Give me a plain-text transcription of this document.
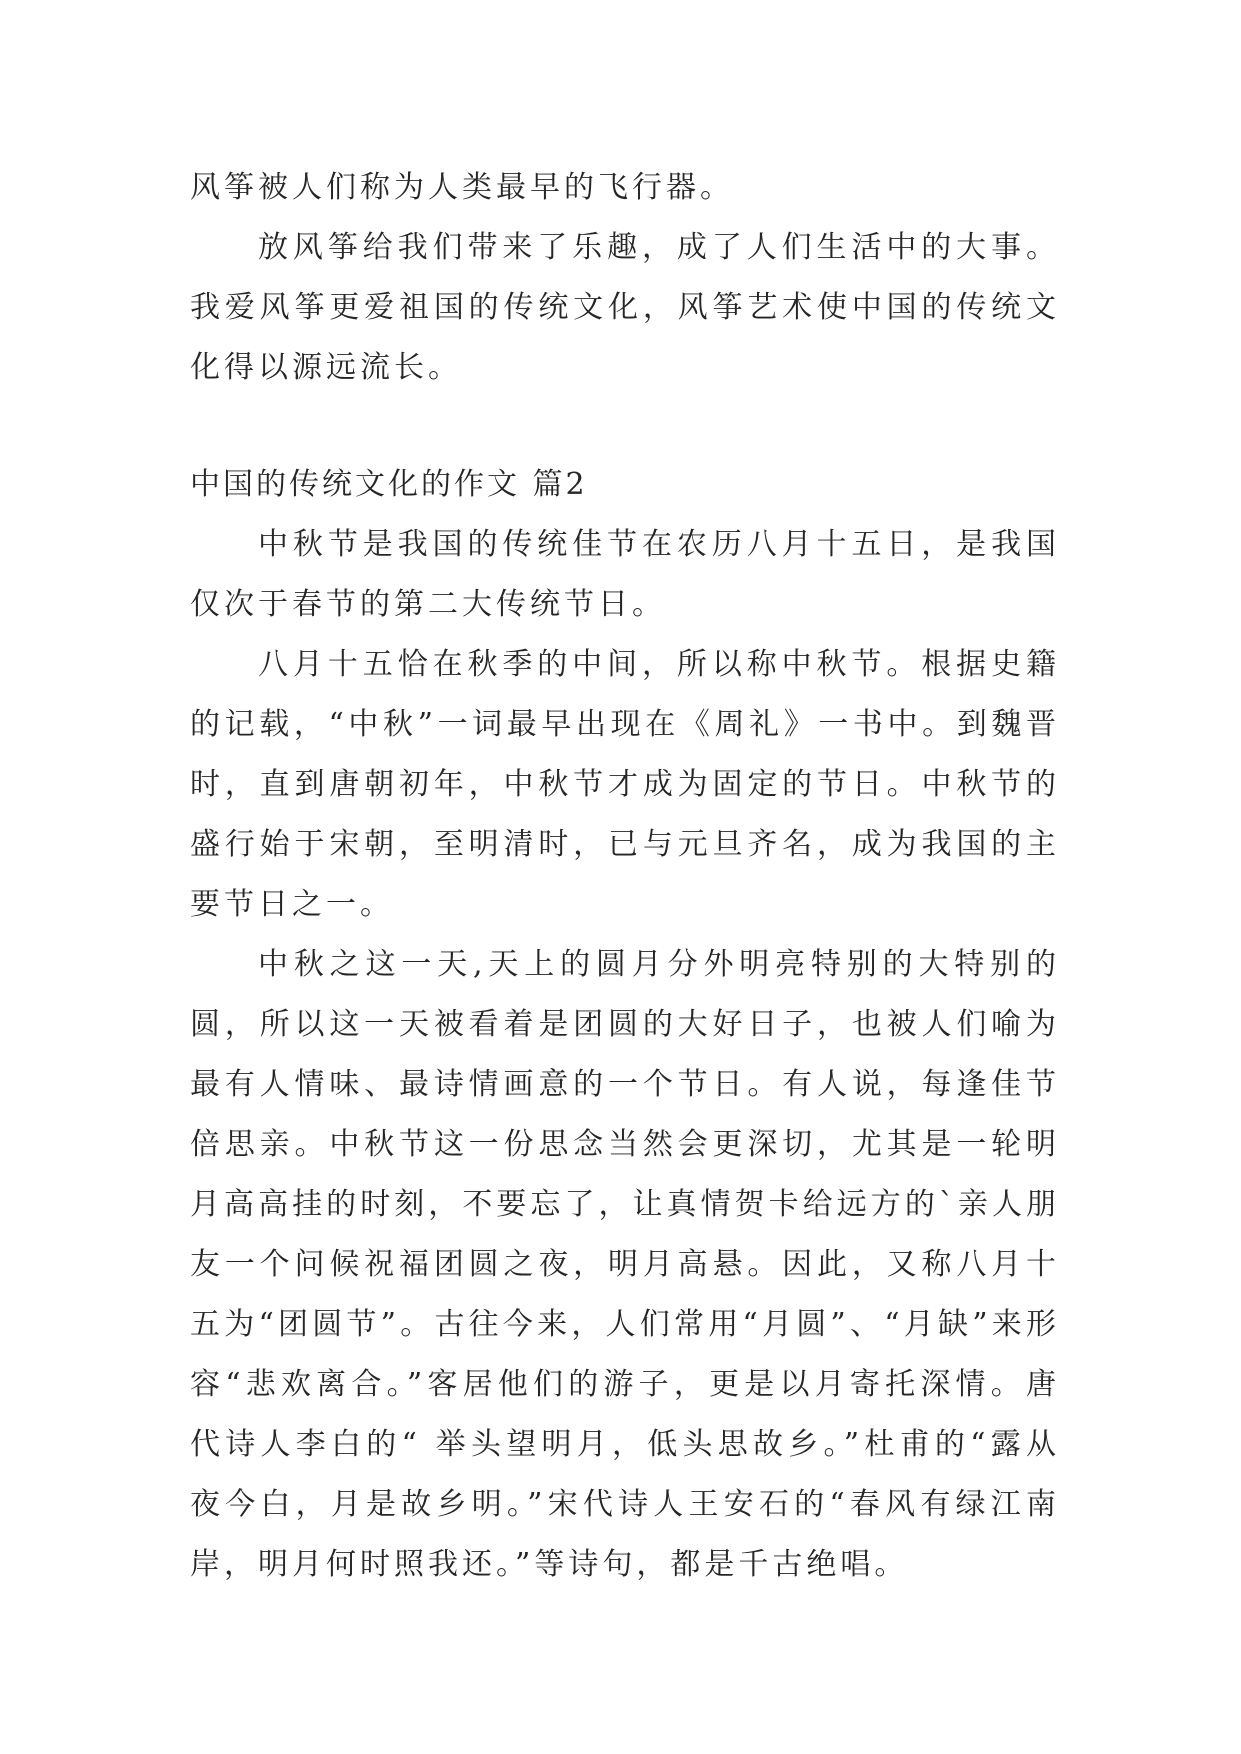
风筝被人们称为人类最早的飞行器。

放风筝给我们带来了乐趣，成了人们生活中的大事。我爱风筝更爱祖国的传统文化，风筝艺术使中国的传统文化得以源远流长。

中国的传统文化的作文 篇2

中秋节是我国的传统佳节在农历八月十五日，是我国仅次于春节的第二大传统节日。

八月十五恰在秋季的中间，所以称中秋节。根据史籍的记载，“中秋”一词最早出现在《周礼》一书中。到魏晋时，直到唐朝初年，中秋节才成为固定的节日。中秋节的盛行始于宋朝，至明清时，已与元旦齐名，成为我国的主要节日之一。

中秋之这一天,天上的圆月分外明亮特别的大特别的圆，所以这一天被看着是团圆的大好日子，也被人们喻为最有人情味、最诗情画意的一个节日。有人说，每逢佳节倍思亲。中秋节这一份思念当然会更深切，尤其是一轮明月高高挂的时刻，不要忘了，让真情贺卡给远方的`亲人朋友一个问候祝福团圆之夜，明月高悬。因此，又称八月十五为“团圆节”。古往今来，人们常用“月圆”、“月缺”来形容“悲欢离合。”客居他们的游子，更是以月寄托深情。唐代诗人李白的“ 举头望明月，低头思故乡。”杜甫的“露从夜今白，月是故乡明。”宋代诗人王安石的“春风有绿江南岸，明月何时照我还。”等诗句，都是千古绝唱。
